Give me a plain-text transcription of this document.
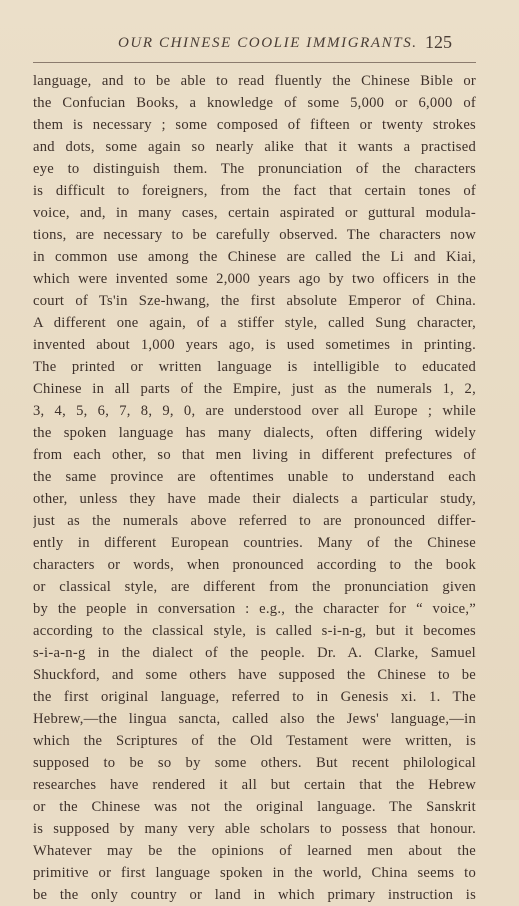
OUR CHINESE COOLIE IMMIGRANTS. 125
language, and to be able to read fluently the Chinese Bible or
the Confucian Books, a knowledge of some 5,000 or 6,000 of
them is necessary ; some composed of fifteen or twenty strokes
and dots, some again so nearly alike that it wants a practised
eye to distinguish them. The pronunciation of the characters
is difficult to foreigners, from the fact that certain tones of
voice, and, in many cases, certain aspirated or guttural modula-
tions, are necessary to be carefully observed. The characters now
in common use among the Chinese are called the Li and Kiai,
which were invented some 2,000 years ago by two officers in the
court of Ts'in Sze-hwang, the first absolute Emperor of China.
A different one again, of a stiffer style, called Sung character,
invented about 1,000 years ago, is used sometimes in printing.
The printed or written language is intelligible to educated
Chinese in all parts of the Empire, just as the numerals 1, 2,
3, 4, 5, 6, 7, 8, 9, 0, are understood over all Europe ; while
the spoken language has many dialects, often differing widely
from each other, so that men living in different prefectures of
the same province are oftentimes unable to understand each
other, unless they have made their dialects a particular study,
just as the numerals above referred to are pronounced differ-
ently in different European countries. Many of the Chinese
characters or words, when pronounced according to the book
or classical style, are different from the pronunciation given
by the people in conversation : e.g., the character for “ voice,”
according to the classical style, is called s-i-n-g, but it becomes
s-i-a-n-g in the dialect of the people. Dr. A. Clarke, Samuel
Shuckford, and some others have supposed the Chinese to be
the first original language, referred to in Genesis xi. 1. The
Hebrew,—the lingua sancta, called also the Jews' language,—in
which the Scriptures of the Old Testament were written, is
supposed to be so by some others. But recent philological
researches have rendered it all but certain that the Hebrew
or the Chinese was not the original language. The Sanskrit
is supposed by many very able scholars to possess that honour.
Whatever may be the opinions of learned men about the
primitive or first language spoken in the world, China seems to
be the only country or land in which primary instruction is
